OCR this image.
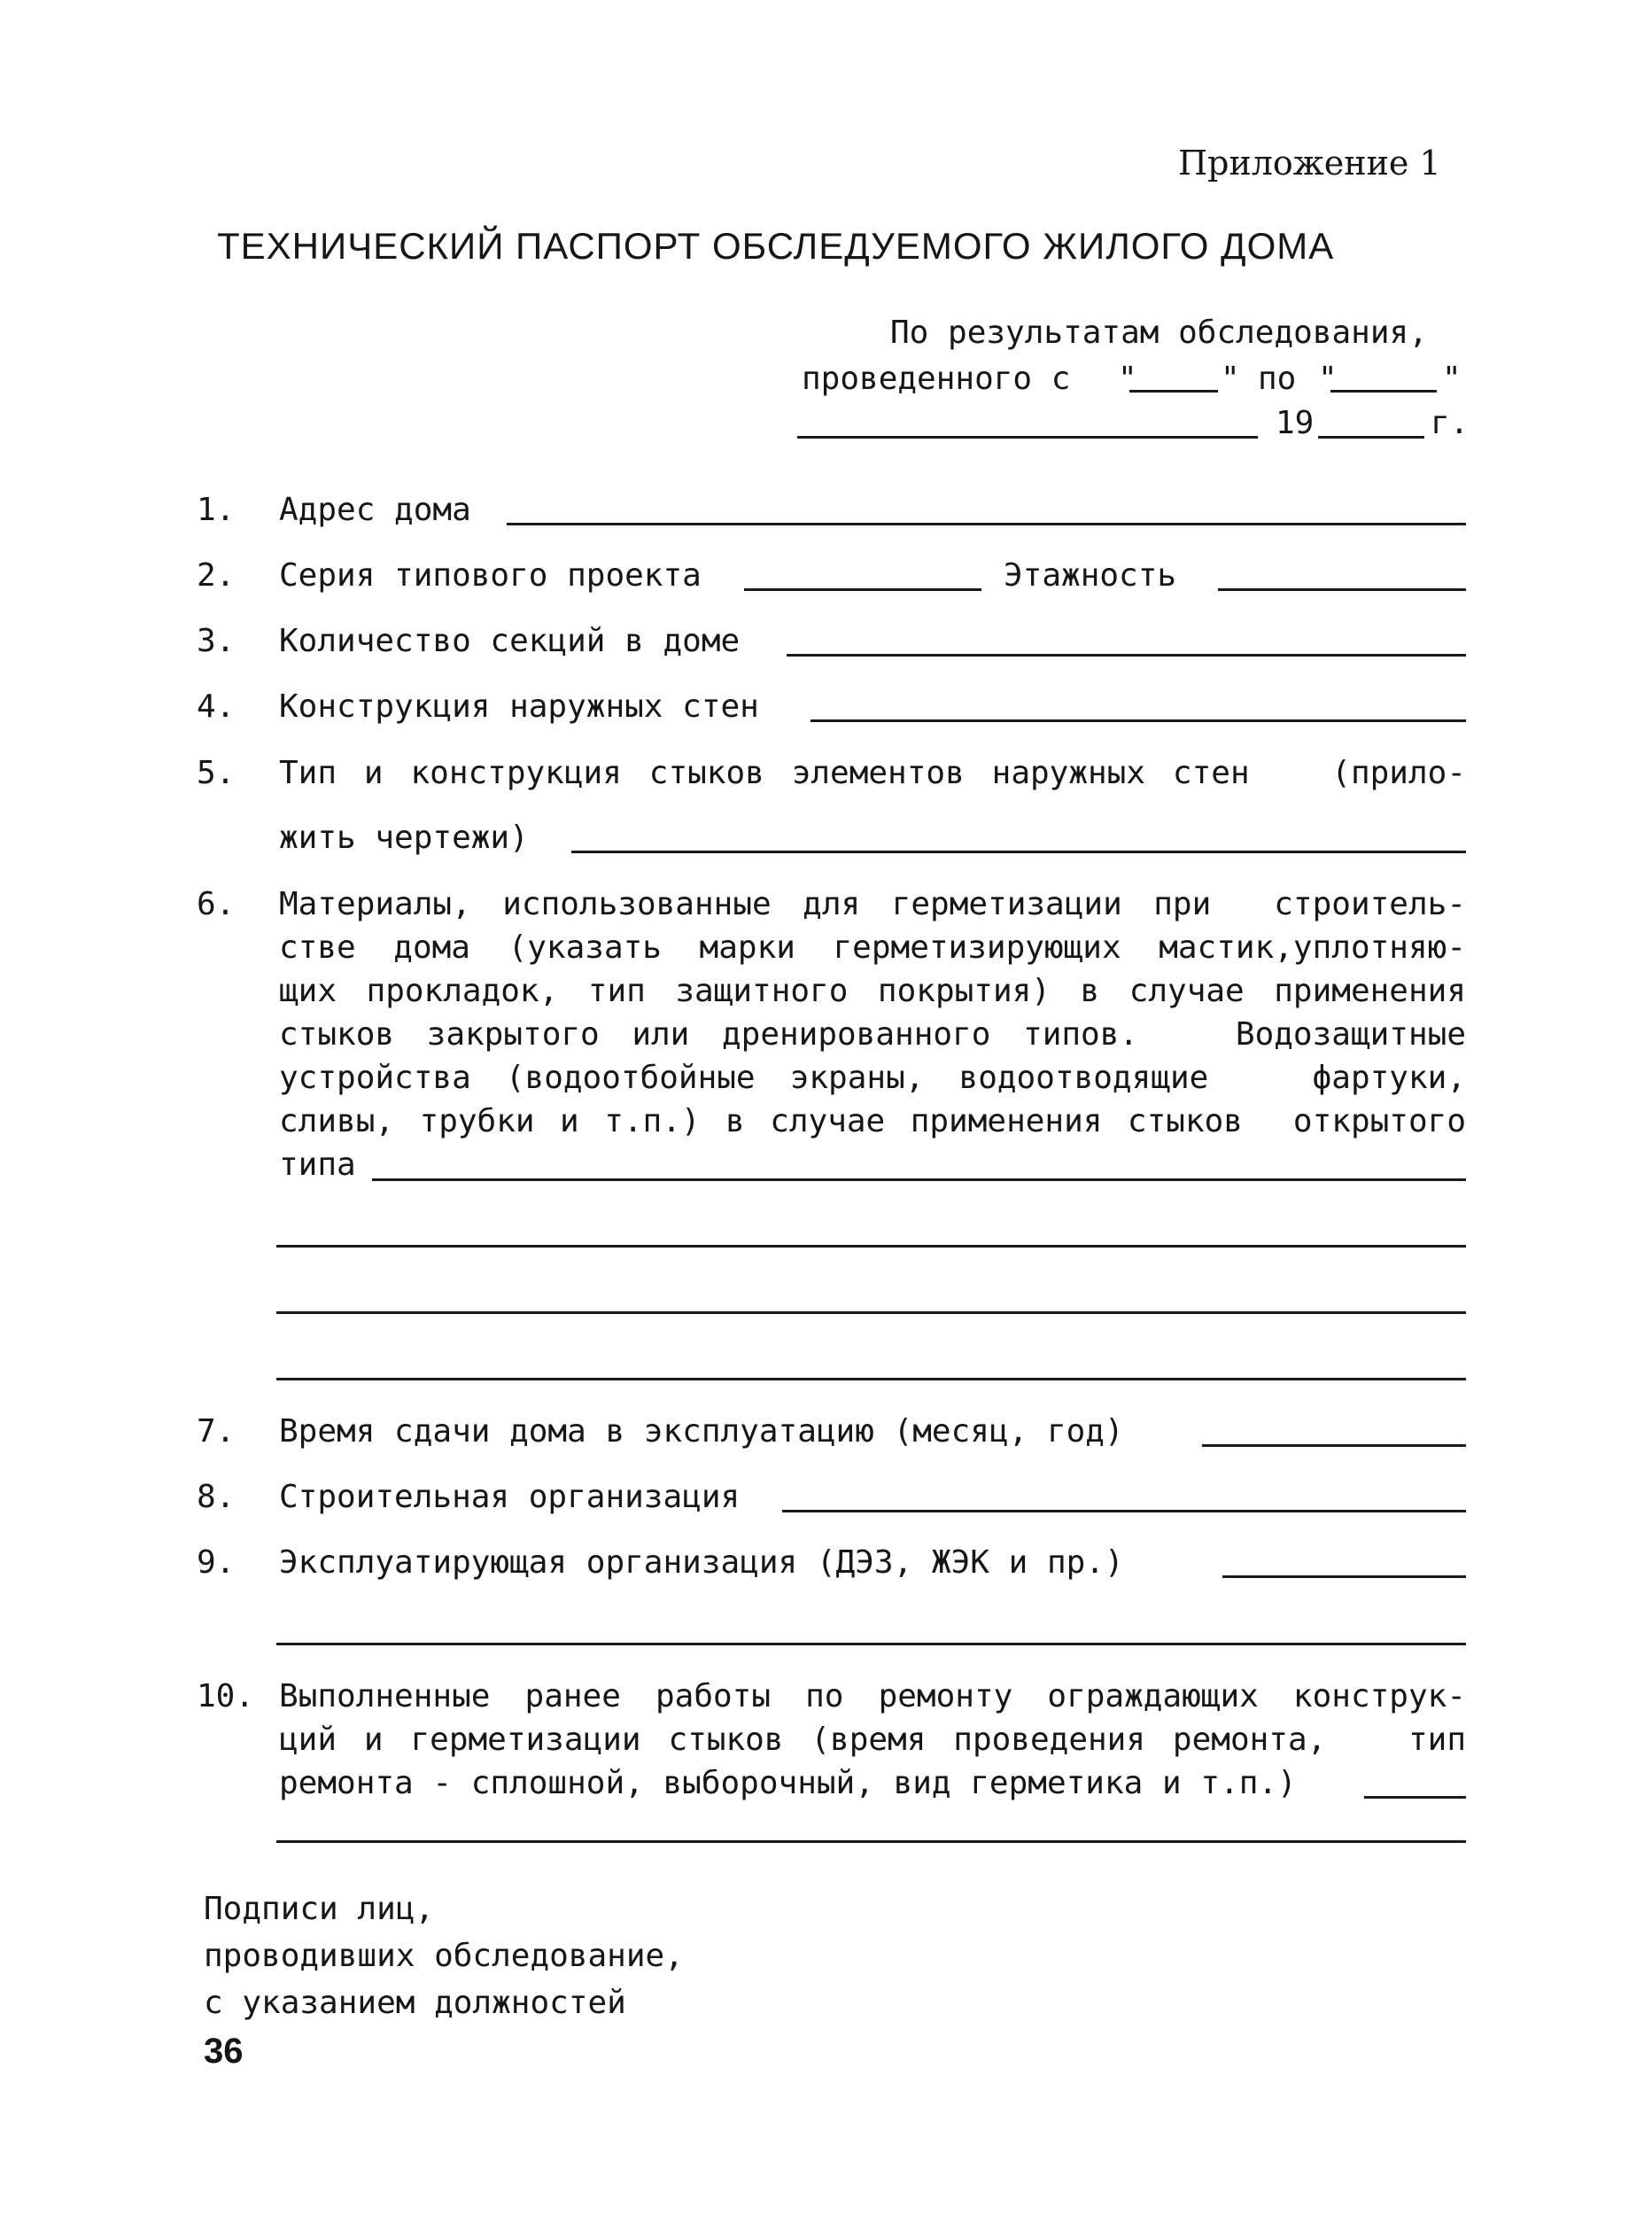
Приложение 1
ТЕХНИЧЕСКИЙ ПАСПОРТ ОБСЛЕДУЕМОГО ЖИЛОГО ДОМА
По результатам обследования,
проведенного с "	" по "	"
19	г.
1. Адрес дома
2. Серия типового проекта	Этажность
3. Количество секций в доме
4. Конструкция наружных стен
5. Тип и конструкция стыков элементов наружных стен   (прило-
жить чертежи)
6. Материалы, использованные для герметизации при  строитель-
стве дома (указать марки герметизирующих мастик,уплотняю-
щих прокладок, тип защитного покрытия) в случае применения
стыков закрытого или дренированного типов.   Водозащитные
устройства (водоотбойные экраны, водоотводящие   фартуки,
сливы, трубки и т.п.) в случае применения стыков  открытого
типа
7. Время сдачи дома в эксплуатацию (месяц, год)
8. Строительная организация
9. Эксплуатирующая организация (ДЭЗ, ЖЭК и пр.)
10. Выполненные ранее работы по ремонту ограждающих конструк-
ций и герметизации стыков (время проведения ремонта,   тип
ремонта - сплошной, выборочный, вид герметика и т.п.)
Подписи лиц,
проводивших обследование,
с указанием должностей
36
